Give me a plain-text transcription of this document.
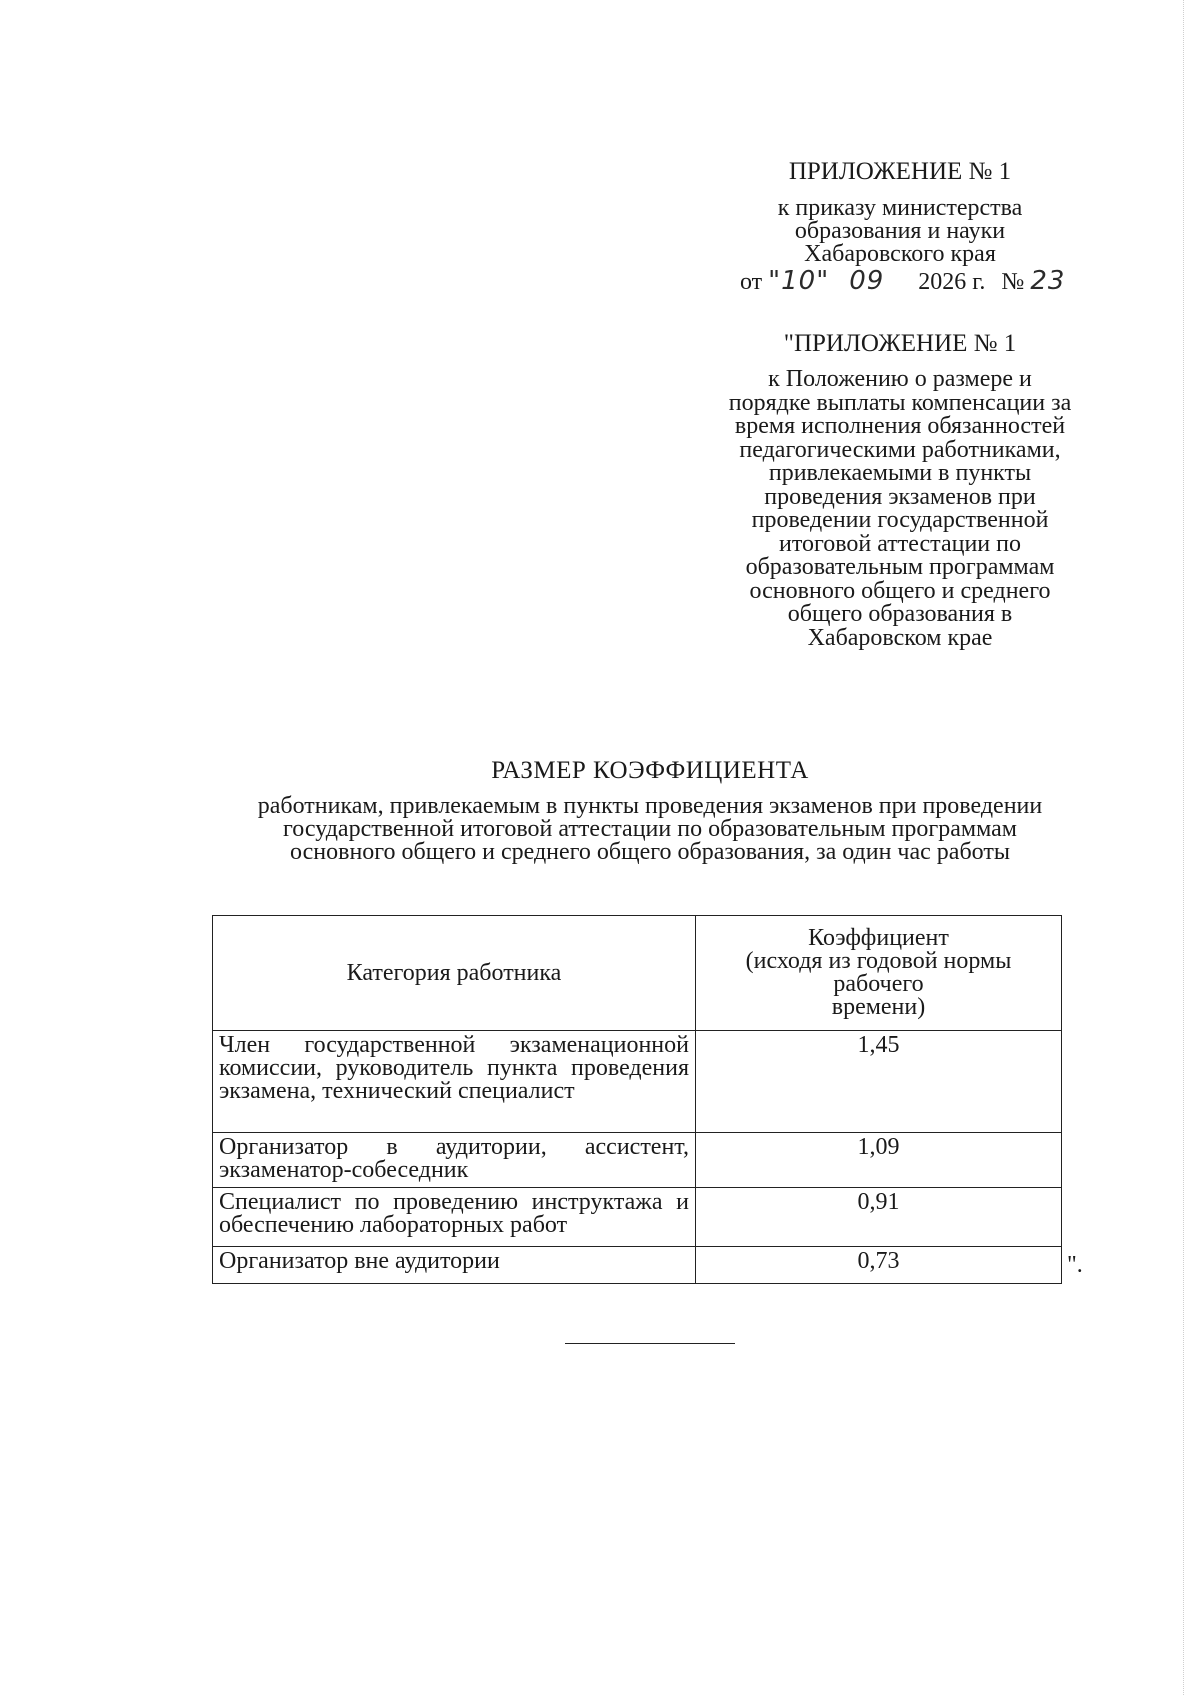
ПРИЛОЖЕНИЕ № 1
к приказу министерства
образования и науки
Хабаровского края
от "10" 09 2026 г. № 23
"ПРИЛОЖЕНИЕ № 1
к Положению о размере и
порядке выплаты компенсации за
время исполнения обязанностей
педагогическими работниками,
привлекаемыми в пункты
проведения экзаменов при
проведении государственной
итоговой аттестации по
образовательным программам
основного общего и среднего
общего образования в
Хабаровском крае
РАЗМЕР КОЭФФИЦИЕНТА
работникам, привлекаемым в пункты проведения экзаменов при проведении
государственной итоговой аттестации по образовательным программам
основного общего и среднего общего образования, за один час работы
Категория работника	Коэффициент
(исходя из годовой нормы
рабочего
времени)

Член государственной экзаменационной комиссии, руководитель пункта проведения экзамена, технический специалист	1,45
Организатор в аудитории, ассистент, экзаменатор-собеседник	1,09
Специалист по проведению инструктажа и обеспечению лабораторных работ	0,91
Организатор вне аудитории	0,73	".
